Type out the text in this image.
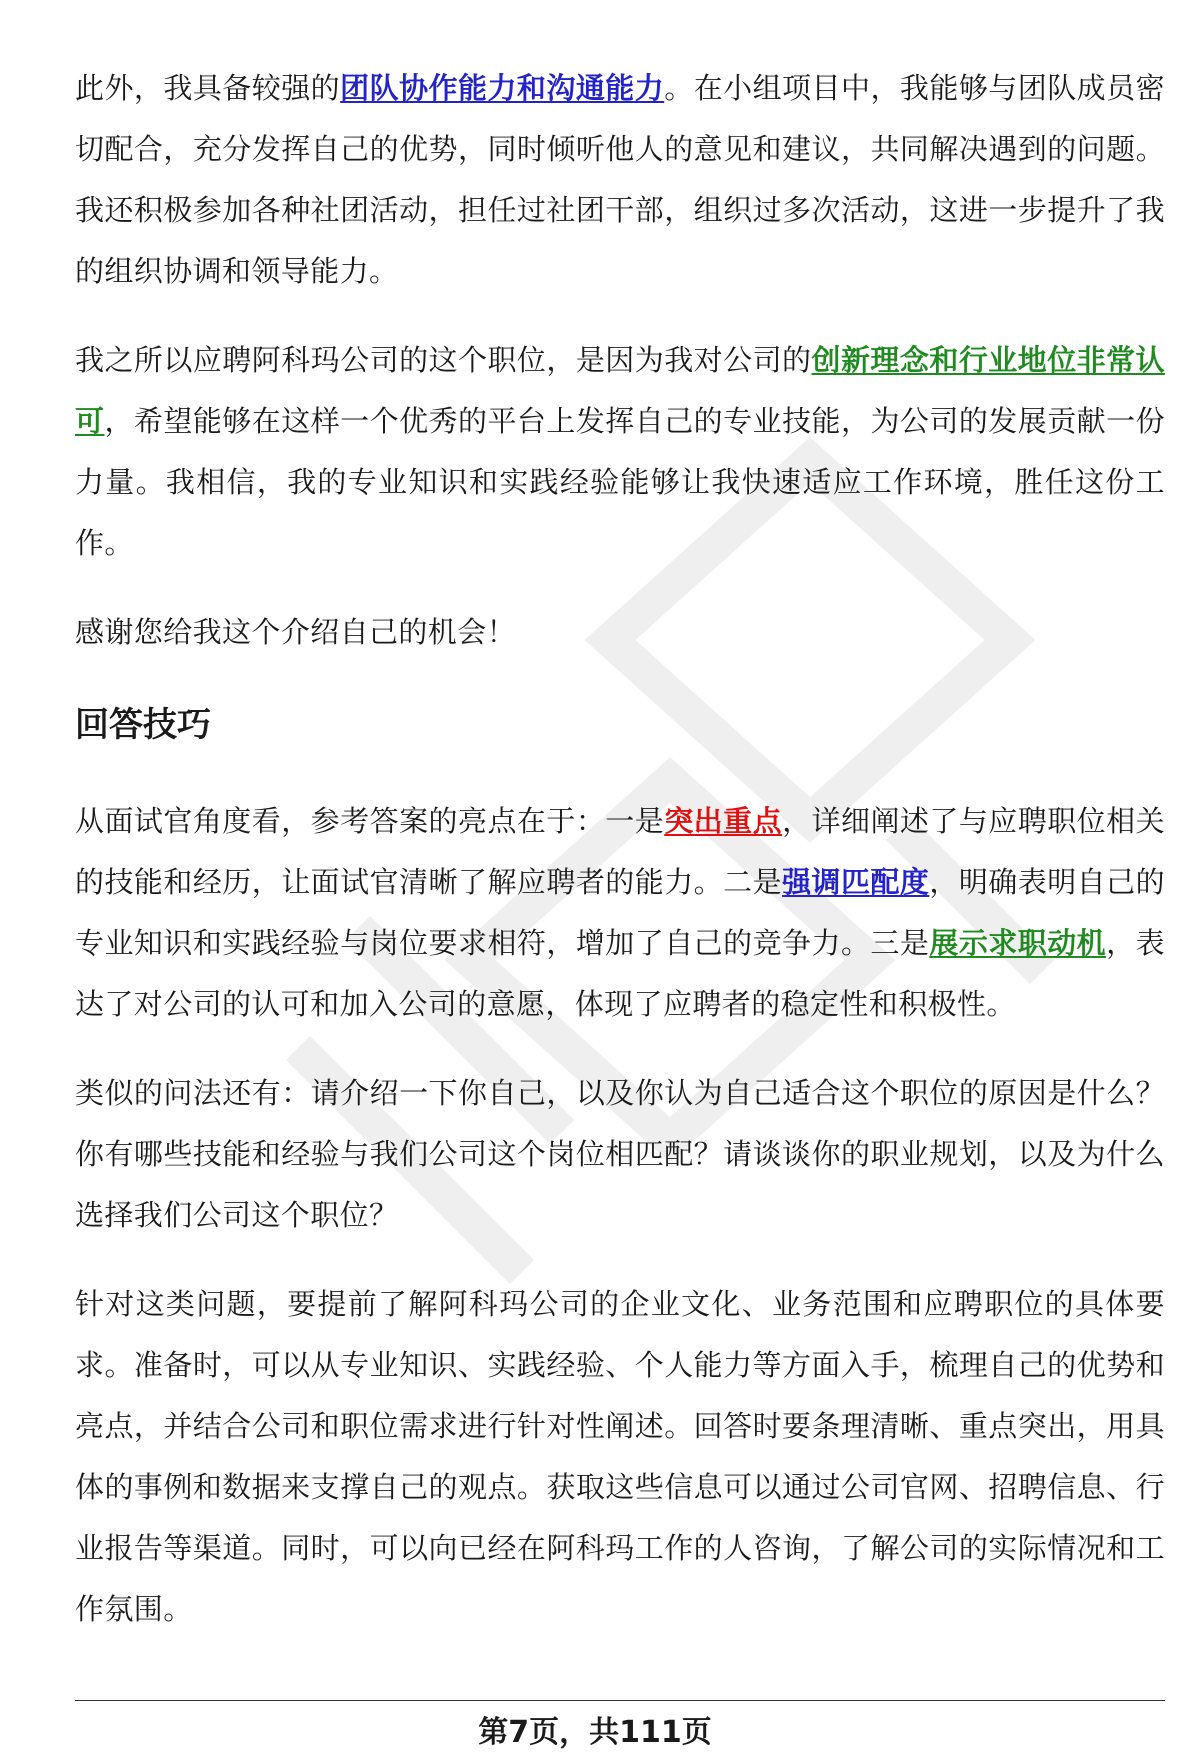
此外，我具备较强的团队协作能力和沟通能力。在小组项目中，我能够与团队成员密切配合，充分发挥自己的优势，同时倾听他人的意见和建议，共同解决遇到的问题。我还积极参加各种社团活动，担任过社团干部，组织过多次活动，这进一步提升了我的组织协调和领导能力。

我之所以应聘阿科玛公司的这个职位，是因为我对公司的创新理念和行业地位非常认可，希望能够在这样一个优秀的平台上发挥自己的专业技能，为公司的发展贡献一份力量。我相信，我的专业知识和实践经验能够让我快速适应工作环境，胜任这份工作。

感谢您给我这个介绍自己的机会！

回答技巧

从面试官角度看，参考答案的亮点在于：一是突出重点，详细阐述了与应聘职位相关的技能和经历，让面试官清晰了解应聘者的能力。二是强调匹配度，明确表明自己的专业知识和实践经验与岗位要求相符，增加了自己的竞争力。三是展示求职动机，表达了对公司的认可和加入公司的意愿，体现了应聘者的稳定性和积极性。

类似的问法还有：请介绍一下你自己，以及你认为自己适合这个职位的原因是什么？你有哪些技能和经验与我们公司这个岗位相匹配？请谈谈你的职业规划，以及为什么选择我们公司这个职位？

针对这类问题，要提前了解阿科玛公司的企业文化、业务范围和应聘职位的具体要求。准备时，可以从专业知识、实践经验、个人能力等方面入手，梳理自己的优势和亮点，并结合公司和职位需求进行针对性阐述。回答时要条理清晰、重点突出，用具体的事例和数据来支撑自己的观点。获取这些信息可以通过公司官网、招聘信息、行业报告等渠道。同时，可以向已经在阿科玛工作的人咨询，了解公司的实际情况和工作氛围。

第7页，共111页
